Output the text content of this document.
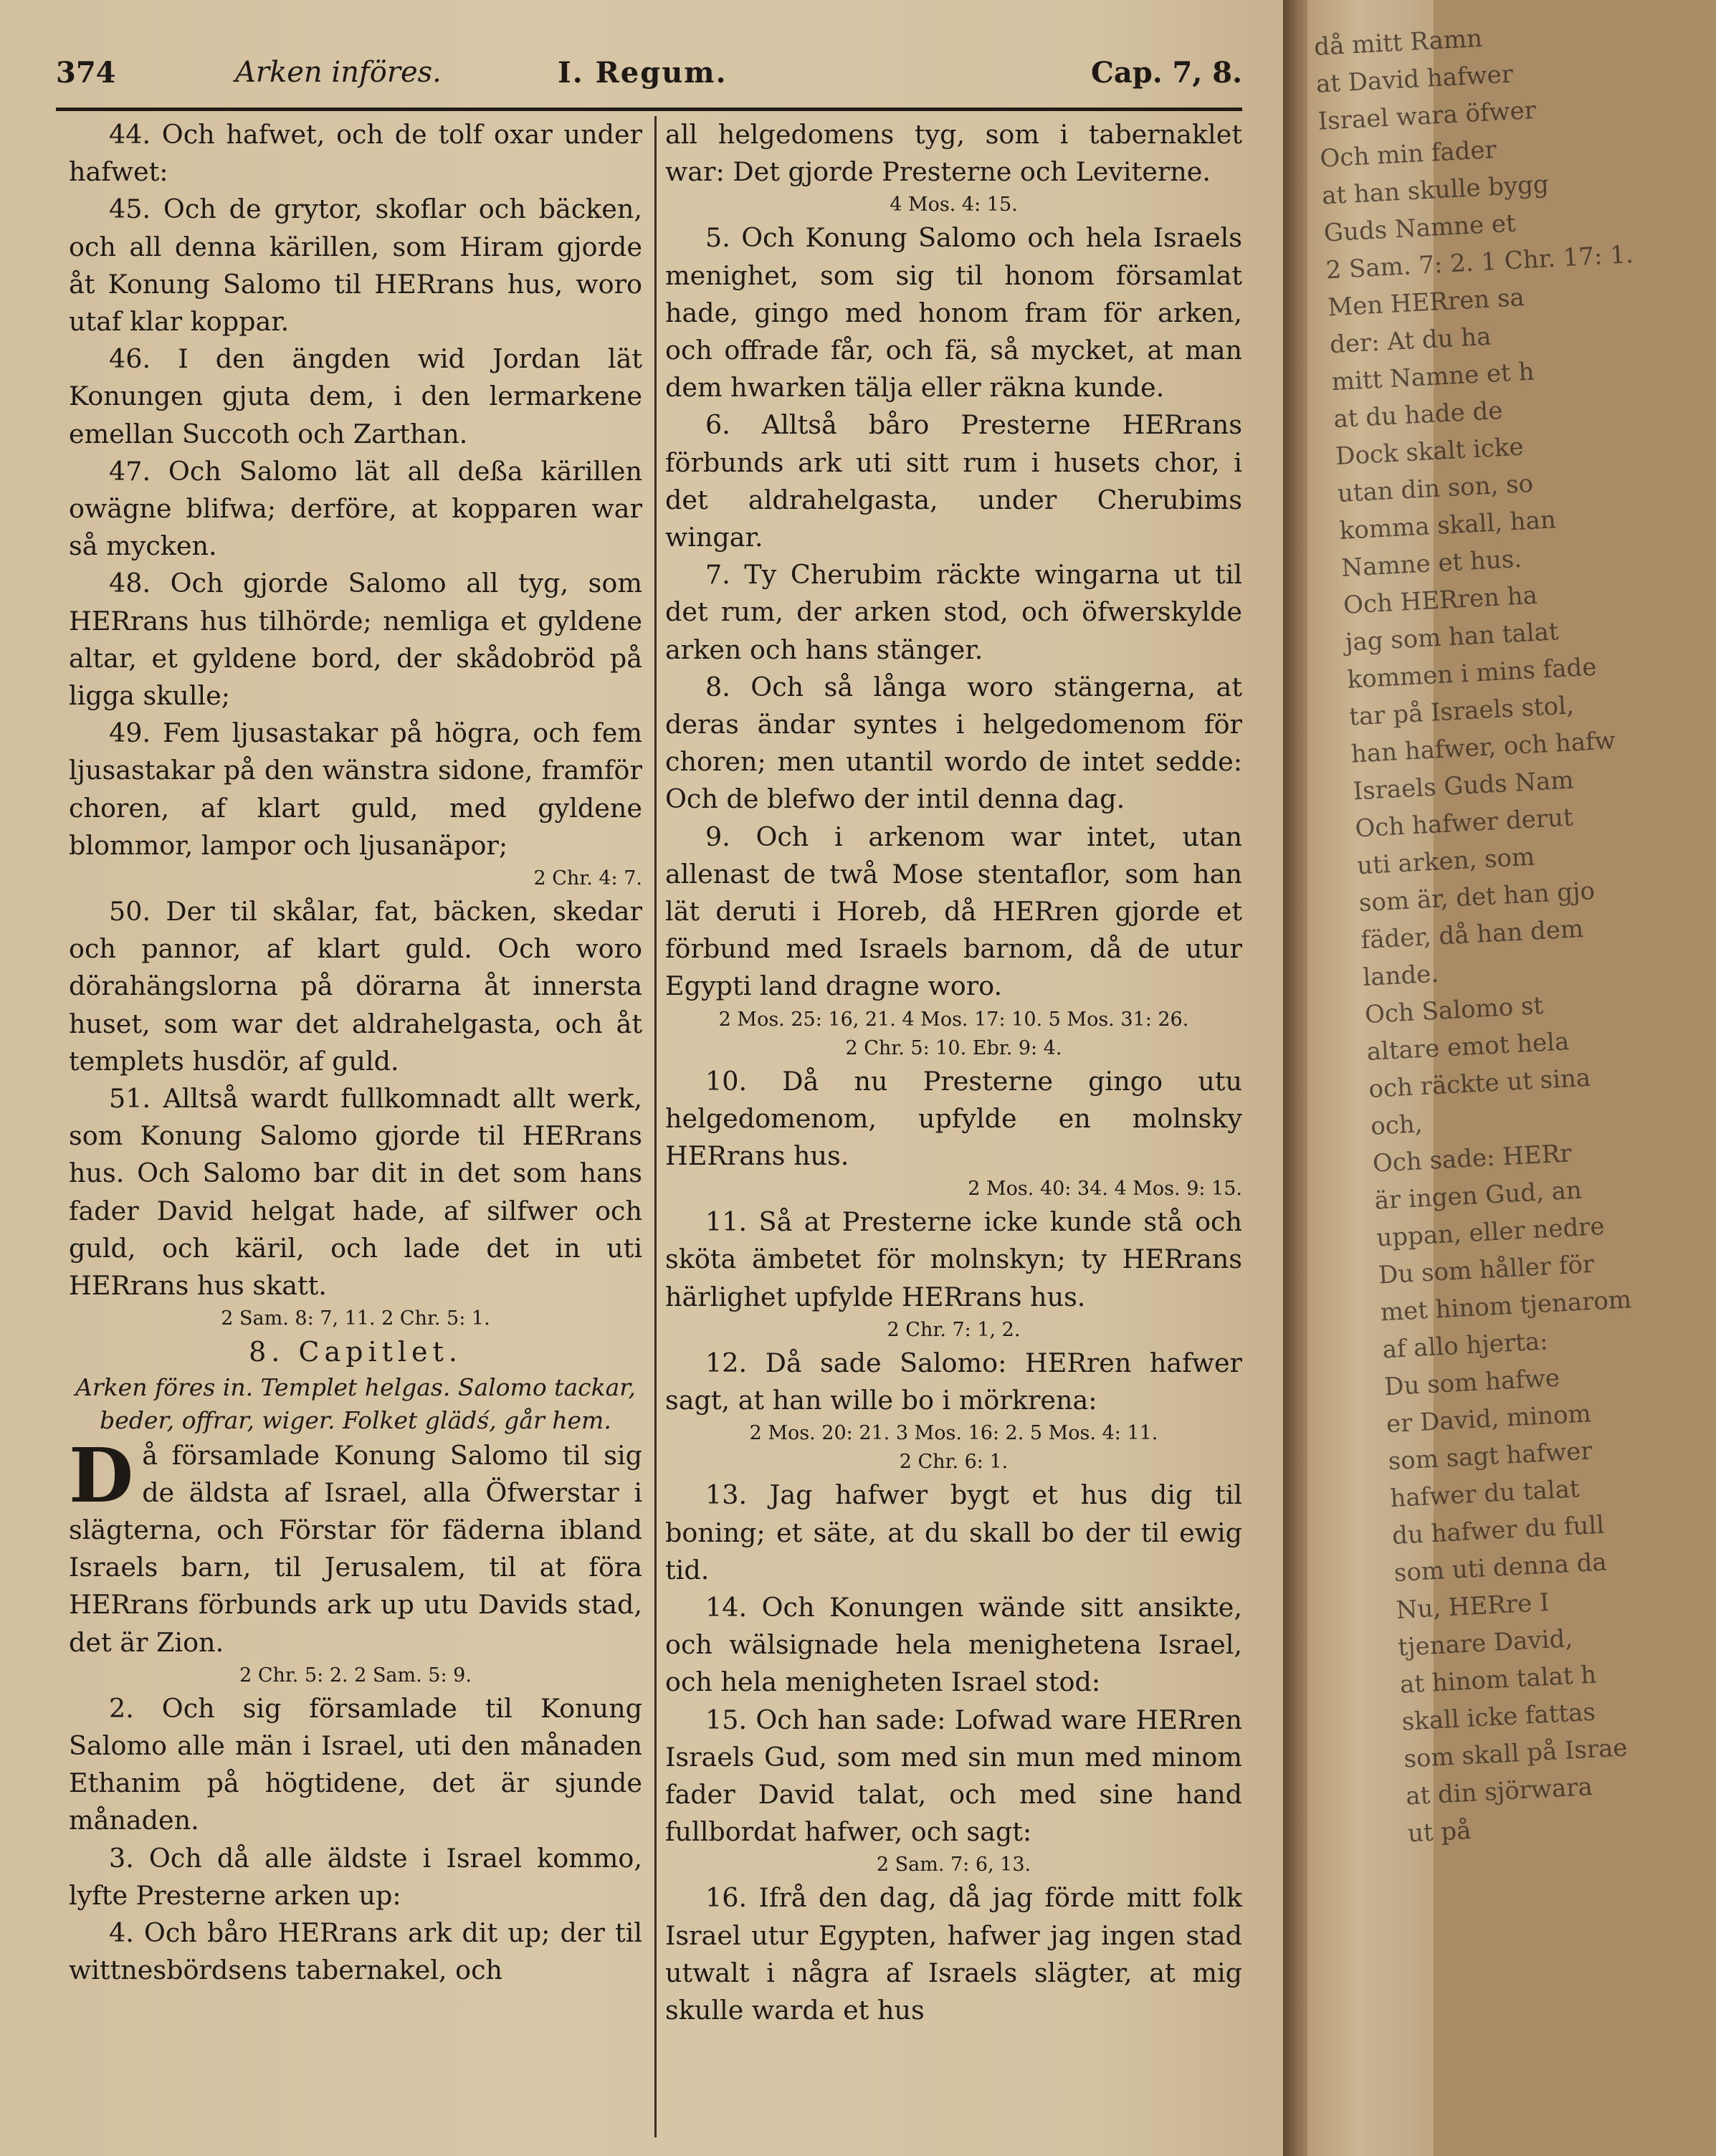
374	Arken införes.	I. Regum.	Cap. 7, 8.

44. Och hafwet, och de tolf oxar under hafwet:

45. Och de grytor, skoflar och bäcken, och all denna kärillen, som Hiram gjorde åt Konung Salomo til HERrans hus, woro utaf klar koppar.

46. I den ängden wid Jordan lät Konungen gjuta dem, i den lermarkene emellan Succoth och Zarthan.

47. Och Salomo lät all deßa kärillen owägne blifwa; derföre, at kopparen war så mycken.

48. Och gjorde Salomo all tyg, som HERrans hus tilhörde; nemliga et gyldene altar, et gyldene bord, der skådobröd på ligga skulle;

49. Fem ljusastakar på högra, och fem ljusastakar på den wänstra sidone, framför choren, af klart guld, med gyldene blommor, lampor och ljusanäpor;

2 Chr. 4: 7.

50. Der til skålar, fat, bäcken, skedar och pannor, af klart guld. Och woro dörahängslorna på dörarna åt innersta huset, som war det aldrahelgasta, och åt templets husdör, af guld.

51. Alltså wardt fullkomnadt allt werk, som Konung Salomo gjorde til HERrans hus. Och Salomo bar dit in det som hans fader David helgat hade, af silfwer och guld, och käril, och lade det in uti HERrans hus skatt.

2 Sam. 8: 7, 11. 2 Chr. 5: 1.

8. Capitlet.

Arken föres in. Templet helgas. Salomo tackar, beder, offrar, wiger. Folket glädś, går hem.

Då församlade Konung Salomo til sig de äldsta af Israel, alla Öfwerstar i slägterna, och Förstar för fäderna ibland Israels barn, til Jerusalem, til at föra HERrans förbunds ark up utu Davids stad, det är Zion.

2 Chr. 5: 2. 2 Sam. 5: 9.

2. Och sig församlade til Konung Salomo alle män i Israel, uti den månaden Ethanim på högtidene, det är sjunde månaden.

3. Och då alle äldste i Israel kommo, lyfte Presterne arken up:

4. Och båro HERrans ark dit up; der til wittnesbördsens tabernakel, och

all helgedomens tyg, som i tabernaklet war: Det gjorde Presterne och Leviterne.

4 Mos. 4: 15.

5. Och Konung Salomo och hela Israels menighet, som sig til honom församlat hade, gingo med honom fram för arken, och offrade får, och fä, så mycket, at man dem hwarken tälja eller räkna kunde.

6. Alltså båro Presterne HERrans förbunds ark uti sitt rum i husets chor, i det aldrahelgasta, under Cherubims wingar.

7. Ty Cherubim räckte wingarna ut til det rum, der arken stod, och öfwerskylde arken och hans stänger.

8. Och så långa woro stängerna, at deras ändar syntes i helgedomenom för choren; men utantil wordo de intet sedde: Och de blefwo der intil denna dag.

9. Och i arkenom war intet, utan allenast de twå Mose stentaflor, som han lät deruti i Horeb, då HERren gjorde et förbund med Israels barnom, då de utur Egypti land dragne woro.

2 Mos. 25: 16, 21. 4 Mos. 17: 10. 5 Mos. 31: 26.

2 Chr. 5: 10. Ebr. 9: 4.

10. Då nu Presterne gingo utu helgedomenom, upfylde en molnsky HERrans hus.

2 Mos. 40: 34. 4 Mos. 9: 15.

11. Så at Presterne icke kunde stå och sköta ämbetet för molnskyn; ty HERrans härlighet upfylde HERrans hus.

2 Chr. 7: 1, 2.

12. Då sade Salomo: HERren hafwer sagt, at han wille bo i mörkrena:

2 Mos. 20: 21. 3 Mos. 16: 2. 5 Mos. 4: 11.

2 Chr. 6: 1.

13. Jag hafwer bygt et hus dig til boning; et säte, at du skall bo der til ewig tid.

14. Och Konungen wände sitt ansikte, och wälsignade hela menighetena Israel, och hela menigheten Israel stod:

15. Och han sade: Lofwad ware HERren Israels Gud, som med sin mun med minom fader David talat, och med sine hand fullbordat hafwer, och sagt:

2 Sam. 7: 6, 13.

16. Ifrå den dag, då jag förde mitt folk Israel utur Egypten, hafwer jag ingen stad utwalt i några af Israels slägter, at mig skulle warda et hus

då mitt Ramn
at David hafwer
Israel wara öfwer
Och min fader
at han skulle bygg
Guds Namne et
2 Sam. 7: 2. 1 Chr. 17: 1.
Men HERren sa
der: At du ha
mitt Namne et h
at du hade de
Dock skalt icke
utan din son, so
komma skall, han
Namne et hus.
Och HERren ha
jag som han talat
kommen i mins fade
tar på Israels stol,
han hafwer, och hafw
Israels Guds Nam
Och hafwer derut
uti arken, som
som är, det han gjo
fäder, då han dem
lande.
Och Salomo st
altare emot hela
och räckte ut sina
och,
Och sade: HERr
är ingen Gud, an
uppan, eller nedre
Du som håller för
met hinom tjenarom
af allo hjerta:
Du som hafwe
er David, minom
som sagt hafwer
hafwer du talat
du hafwer du full
som uti denna da
Nu, HERre I
tjenare David,
at hinom talat h
skall icke fattas
som skall på Israe
at din sjörwara
ut på
